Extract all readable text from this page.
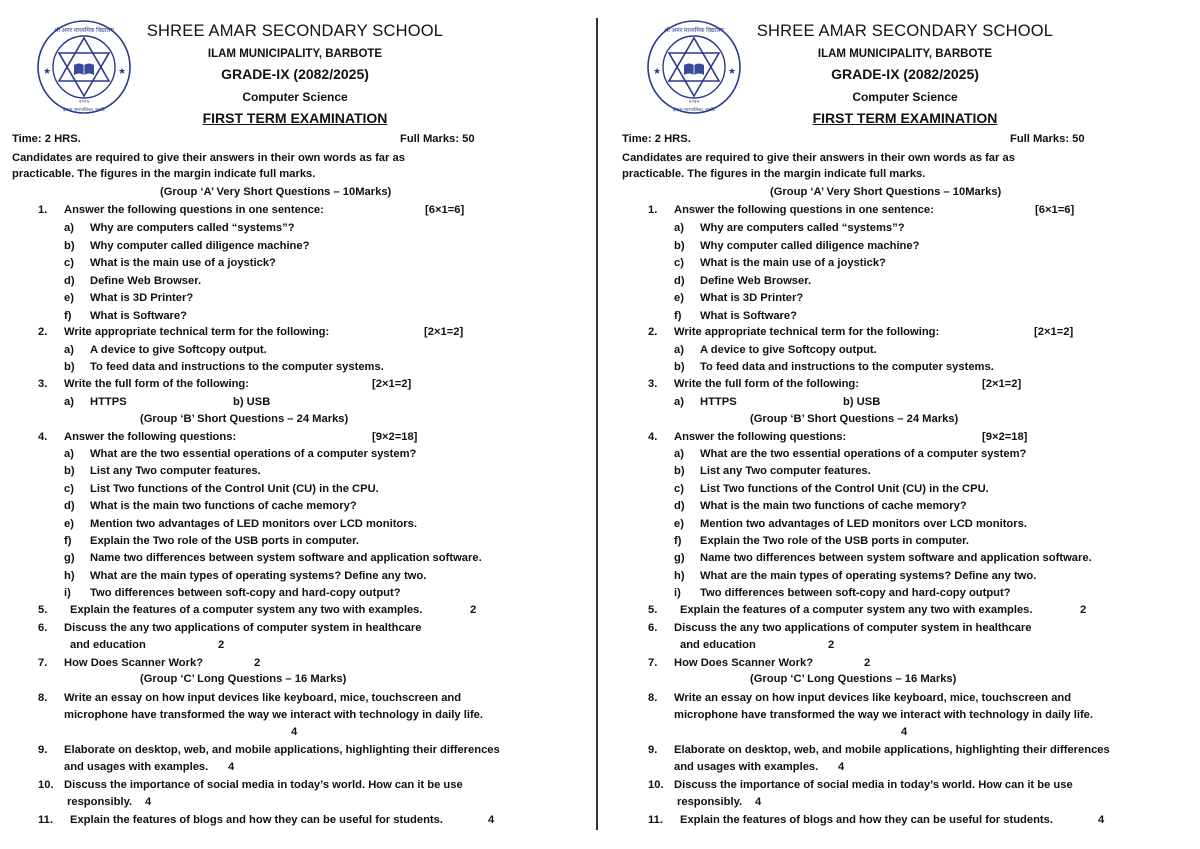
★	★
२०१५
श्री अमर माध्यमिक विद्यालय
ईलाम नगरपालिका, बार्बोटे
SHREE AMAR SECONDARY SCHOOL
ILAM MUNICIPALITY, BARBOTE
GRADE-IX (2082/2025)
Computer Science
FIRST TERM EXAMINATION
Time: 2 HRS.	Full Marks: 50
Candidates are required to give their answers in their own words as far as
practicable. The figures in the margin indicate full marks.
(Group ‘A’ Very Short Questions – 10Marks)
1. Answer the following questions in one sentence:	[6×1=6]
a) Why are computers called “systems”?
b) Why computer called diligence machine?
c) What is the main use of a joystick?
d) Define Web Browser.
e) What is 3D Printer?
f) What is Software?
2. Write appropriate technical term for the following:	[2×1=2]
a) A device to give Softcopy output.
b) To feed data and instructions to the computer systems.
3. Write the full form of the following:	[2×1=2]
a) HTTPS	b) USB
(Group ‘B’ Short Questions – 24 Marks)
4. Answer the following questions:	[9×2=18]
a) What are the two essential operations of a computer system?
b) List any Two computer features.
c) List Two functions of the Control Unit (CU) in the CPU.
d) What is the main two functions of cache memory?
e) Mention two advantages of LED monitors over LCD monitors.
f) Explain the Two role of the USB ports in computer.
g) Name two differences between system software and application software.
h) What are the main types of operating systems? Define any two.
i) Two differences between soft-copy and hard-copy output?
5. Explain the features of a computer system any two with examples.	2
6. Discuss the any two applications of computer system in healthcare
and education	2
7. How Does Scanner Work?	2
(Group ‘C’ Long Questions – 16 Marks)
8. Write an essay on how input devices like keyboard, mice, touchscreen and
microphone have transformed the way we interact with technology in daily life.
4
9. Elaborate on desktop, web, and mobile applications, highlighting their differences
and usages with examples. 4
10. Discuss the importance of social media in today’s world. How can it be use
responsibly. 4
11. Explain the features of blogs and how they can be useful for students.	4
★	★
२०१५
श्री अमर माध्यमिक विद्यालय
ईलाम नगरपालिका, बार्बोटे
SHREE AMAR SECONDARY SCHOOL
ILAM MUNICIPALITY, BARBOTE
GRADE-IX (2082/2025)
Computer Science
FIRST TERM EXAMINATION
Time: 2 HRS.	Full Marks: 50
Candidates are required to give their answers in their own words as far as
practicable. The figures in the margin indicate full marks.
(Group ‘A’ Very Short Questions – 10Marks)
1. Answer the following questions in one sentence:	[6×1=6]
a) Why are computers called “systems”?
b) Why computer called diligence machine?
c) What is the main use of a joystick?
d) Define Web Browser.
e) What is 3D Printer?
f) What is Software?
2. Write appropriate technical term for the following:	[2×1=2]
a) A device to give Softcopy output.
b) To feed data and instructions to the computer systems.
3. Write the full form of the following:	[2×1=2]
a) HTTPS	b) USB
(Group ‘B’ Short Questions – 24 Marks)
4. Answer the following questions:	[9×2=18]
a) What are the two essential operations of a computer system?
b) List any Two computer features.
c) List Two functions of the Control Unit (CU) in the CPU.
d) What is the main two functions of cache memory?
e) Mention two advantages of LED monitors over LCD monitors.
f) Explain the Two role of the USB ports in computer.
g) Name two differences between system software and application software.
h) What are the main types of operating systems? Define any two.
i) Two differences between soft-copy and hard-copy output?
5. Explain the features of a computer system any two with examples.	2
6. Discuss the any two applications of computer system in healthcare
and education	2
7. How Does Scanner Work?	2
(Group ‘C’ Long Questions – 16 Marks)
8. Write an essay on how input devices like keyboard, mice, touchscreen and
microphone have transformed the way we interact with technology in daily life.
4
9. Elaborate on desktop, web, and mobile applications, highlighting their differences
and usages with examples. 4
10. Discuss the importance of social media in today’s world. How can it be use
responsibly. 4
11. Explain the features of blogs and how they can be useful for students.	4
